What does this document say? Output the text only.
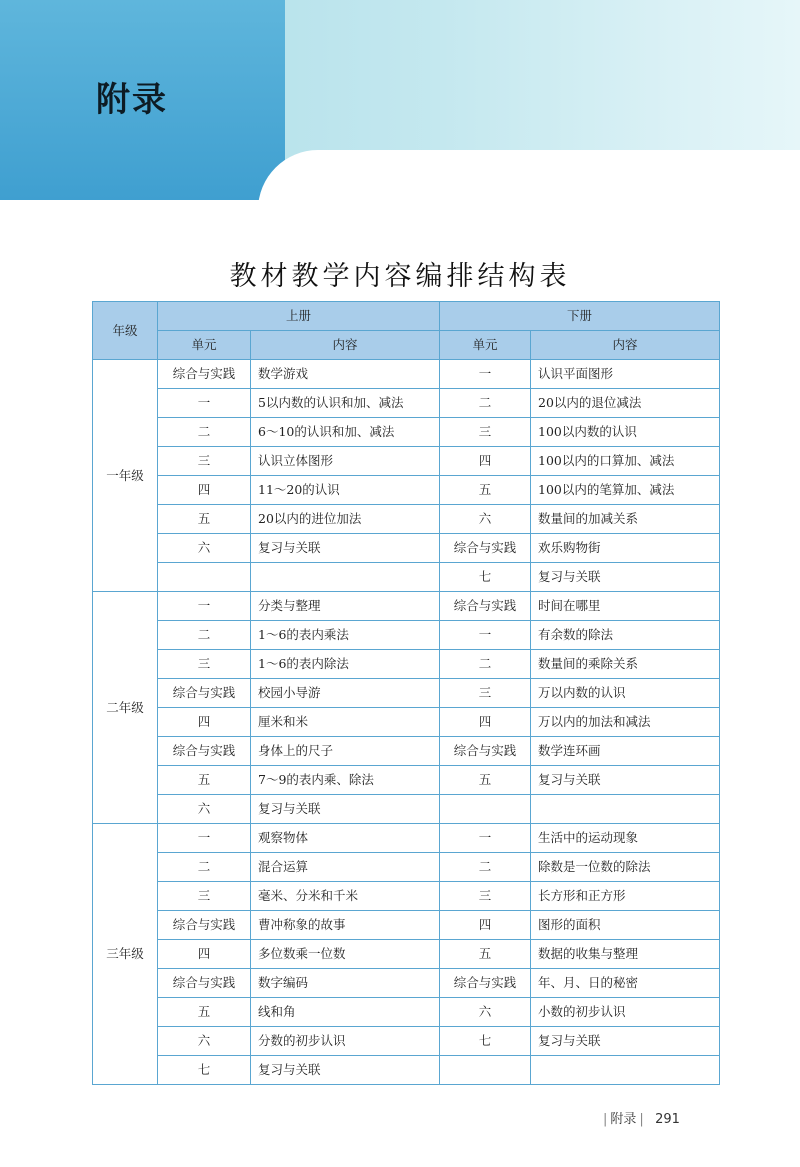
附录
教材教学内容编排结构表
年级	上册		下册	
	单元	内容	单元	内容
一年级	综合与实践	数学游戏	一	认识平面图形
	一	5以内数的认识和加、减法	二	20以内的退位减法
	二	6～10的认识和加、减法	三	100以内数的认识
	三	认识立体图形	四	100以内的口算加、减法
	四	11～20的认识	五	100以内的笔算加、减法
	五	20以内的进位加法	六	数量间的加减关系
	六	复习与关联	综合与实践	欢乐购物街
			七	复习与关联
二年级	一	分类与整理	综合与实践	时间在哪里
	二	1～6的表内乘法	一	有余数的除法
	三	1～6的表内除法	二	数量间的乘除关系
	综合与实践	校园小导游	三	万以内数的认识
	四	厘米和米	四	万以内的加法和减法
	综合与实践	身体上的尺子	综合与实践	数学连环画
	五	7～9的表内乘、除法	五	复习与关联
	六	复习与关联		
三年级	一	观察物体	一	生活中的运动现象
	二	混合运算	二	除数是一位数的除法
	三	毫米、分米和千米	三	长方形和正方形
	综合与实践	曹冲称象的故事	四	图形的面积
	四	多位数乘一位数	五	数据的收集与整理
	综合与实践	数字编码	综合与实践	年、月、日的秘密
	五	线和角	六	小数的初步认识
	六	分数的初步认识	七	复习与关联
	七	复习与关联		
| 附录 | 291
